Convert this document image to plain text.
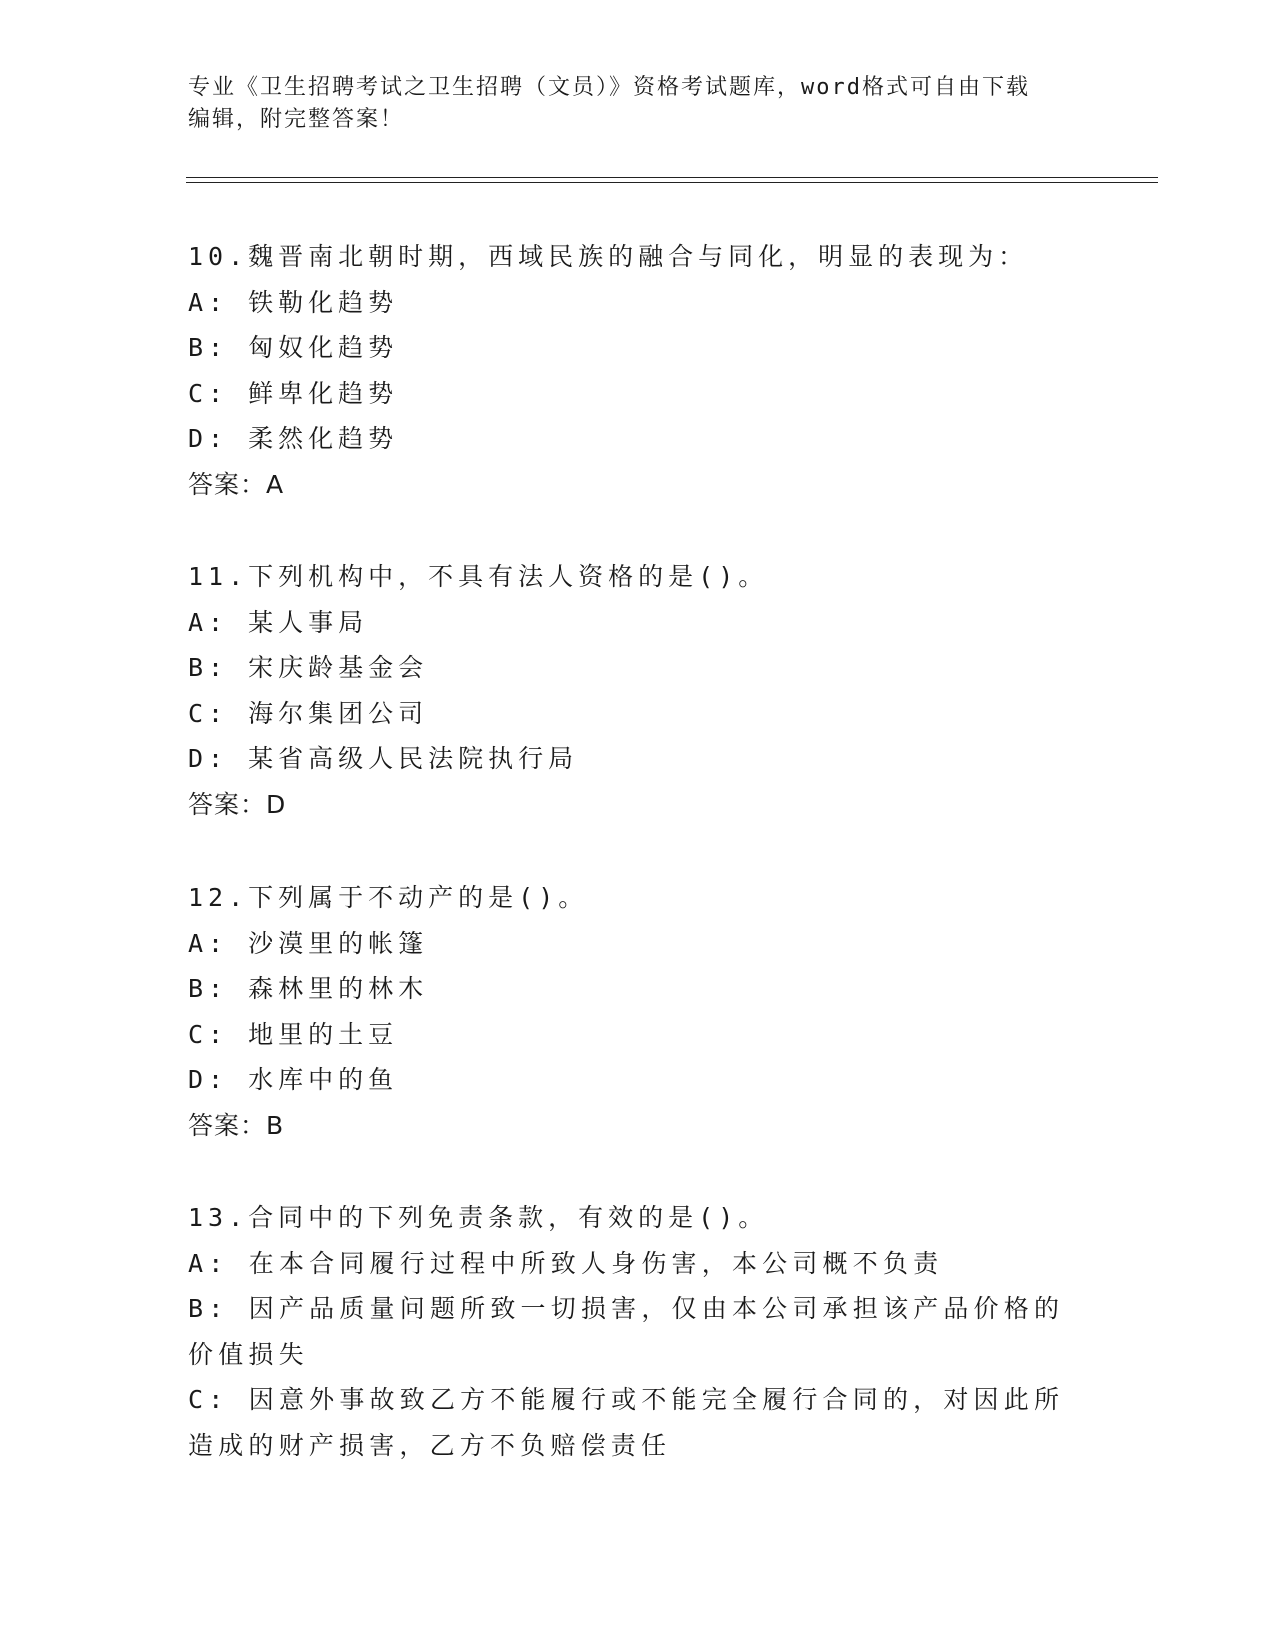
专业《卫生招聘考试之卫生招聘（文员）》资格考试题库，word格式可自由下载
编辑，附完整答案！
10.魏晋南北朝时期，西域民族的融合与同化，明显的表现为：
A: 铁勒化趋势
B: 匈奴化趋势
C: 鲜卑化趋势
D: 柔然化趋势
答案：A
11.下列机构中，不具有法人资格的是()。
A: 某人事局
B: 宋庆龄基金会
C: 海尔集团公司
D: 某省高级人民法院执行局
答案：D
12.下列属于不动产的是()。
A: 沙漠里的帐篷
B: 森林里的林木
C: 地里的土豆
D: 水库中的鱼
答案：B
13.合同中的下列免责条款，有效的是()。
A: 在本合同履行过程中所致人身伤害，本公司概不负责
B: 因产品质量问题所致一切损害，仅由本公司承担该产品价格的价值损失
C: 因意外事故致乙方不能履行或不能完全履行合同的，对因此所造成的财产损害，乙方不负赔偿责任
